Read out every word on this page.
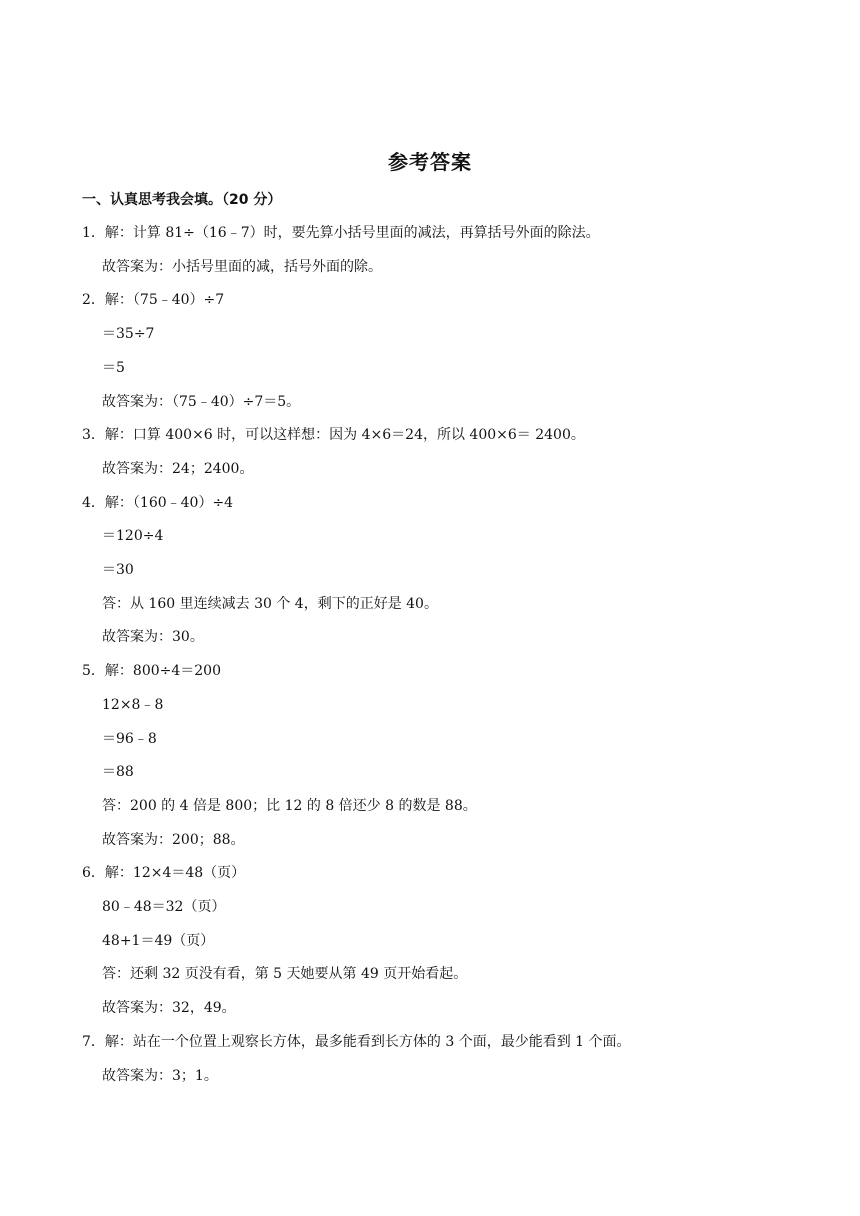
参考答案
一、认真思考我会填。（20 分）
1．解：计算 81÷（16﹣7）时，要先算小括号里面的减法，再算括号外面的除法。
故答案为：小括号里面的减，括号外面的除。
2．解：（75﹣40）÷7
＝35÷7
＝5
故答案为：（75﹣40）÷7＝5。
3．解：口算 400×6 时，可以这样想：因为 4×6＝24，所以 400×6＝ 2400。
故答案为：24；2400。
4．解：（160﹣40）÷4
＝120÷4
＝30
答：从 160 里连续减去 30 个 4，剩下的正好是 40。
故答案为：30。
5．解：800÷4＝200
12×8﹣8
＝96﹣8
＝88
答：200 的 4 倍是 800；比 12 的 8 倍还少 8 的数是 88。
故答案为：200；88。
6．解：12×4＝48（页）
80﹣48＝32（页）
48+1＝49（页）
答：还剩 32 页没有看，第 5 天她要从第 49 页开始看起。
故答案为：32，49。
7．解：站在一个位置上观察长方体，最多能看到长方体的 3 个面，最少能看到 1 个面。
故答案为：3；1。
